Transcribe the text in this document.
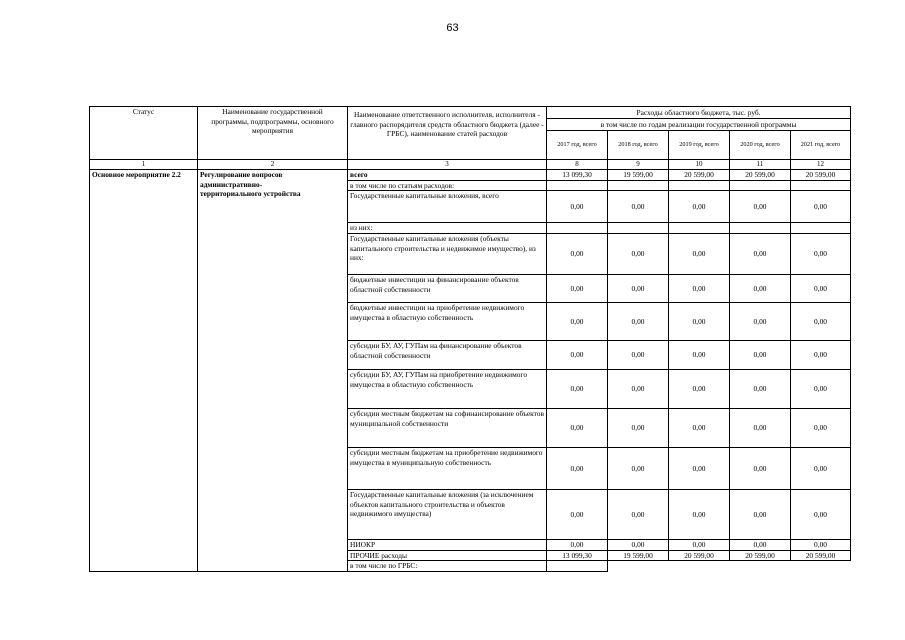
63
Статус	Наименование государственной программы, подпрограммы, основного мероприятия	Наименование ответственного исполнителя, исполнителя - главного распорядителя средств областного бюджета (далее - ГРБС), наименование статей расходов	Расходы областного бюджета, тыс. руб.				
			в том числе по годам реализации государственной программы				
			2017 год, всего	2018 год, всего	2019 год, всего	2020 год, всего	2021 год, всего
1	2	3	8	9	10	11	12
Основное мероприятие 2.2	Регулирование вопросов административно-территориального устройства	всего	13 099,30	19 599,00	20 599,00	20 599,00	20 599,00
		в том числе по статьям расходов:					
		Государственные капитальные вложения, всего	0,00	0,00	0,00	0,00	0,00
		из них:					
		Государственные капитальные вложения (объекты капитального строительства и недвижимое имущество), из них:	0,00	0,00	0,00	0,00	0,00
		бюджетные инвестиции на финансирование объектов областной собственности	0,00	0,00	0,00	0,00	0,00
		бюджетные инвестиции на приобретение недвижимого имущества в областную собственность	0,00	0,00	0,00	0,00	0,00
		субсидии БУ, АУ, ГУПам на финансирование объектов областной собственности	0,00	0,00	0,00	0,00	0,00
		субсидии БУ, АУ, ГУПам на приобретение недвижимого имущества в областную собственность	0,00	0,00	0,00	0,00	0,00
		субсидии местным бюджетам на софинансирование объектов муниципальной собственности	0,00	0,00	0,00	0,00	0,00
		субсидии местным бюджетам на приобретение недвижимого имущества в муниципальную собственность	0,00	0,00	0,00	0,00	0,00
		Государственные капитальные вложения (за исключением объектов капитального строительства и объектов недвижимого имущества)	0,00	0,00	0,00	0,00	0,00
		НИОКР	0,00	0,00	0,00	0,00	0,00
		ПРОЧИЕ расходы	13 099,30	19 599,00	20 599,00	20 599,00	20 599,00
		в том числе по ГРБС:					
